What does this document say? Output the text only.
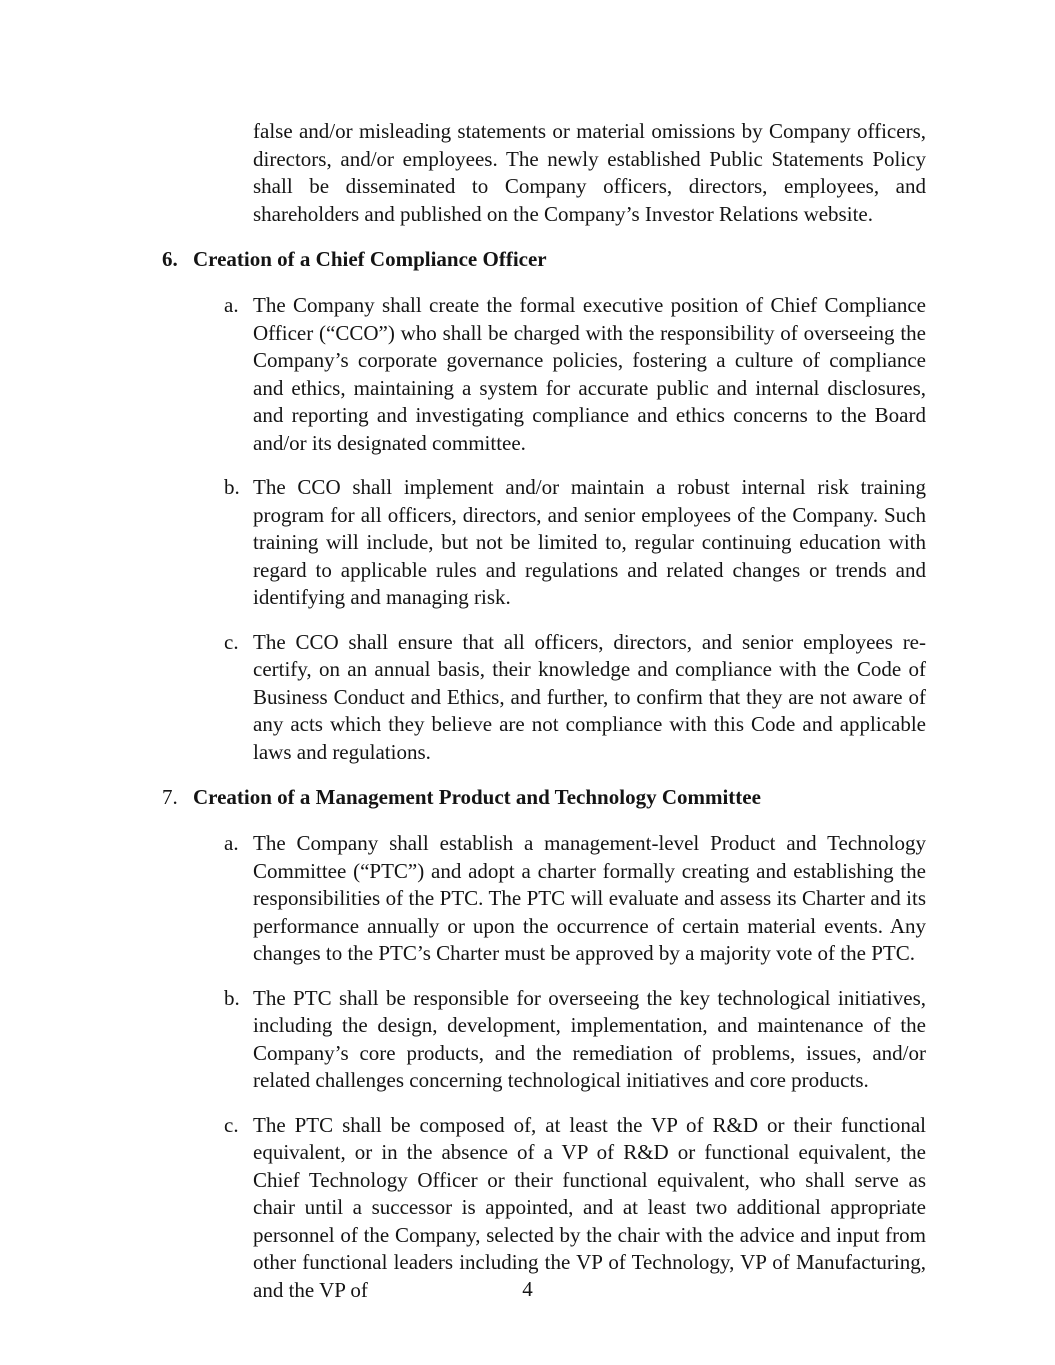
false and/or misleading statements or material omissions by Company officers, directors, and/or employees. The newly established Public Statements Policy shall be disseminated to Company officers, directors, employees, and shareholders and published on the Company’s Investor Relations website.

6. Creation of a Chief Compliance Officer
a. The Company shall create the formal executive position of Chief Compliance Officer (“CCO”) who shall be charged with the responsibility of overseeing the Company’s corporate governance policies, fostering a culture of compliance and ethics, maintaining a system for accurate public and internal disclosures, and reporting and investigating compliance and ethics concerns to the Board and/or its designated committee.
b. The CCO shall implement and/or maintain a robust internal risk training program for all officers, directors, and senior employees of the Company. Such training will include, but not be limited to, regular continuing education with regard to applicable rules and regulations and related changes or trends and identifying and managing risk.
c. The CCO shall ensure that all officers, directors, and senior employees re-certify, on an annual basis, their knowledge and compliance with the Code of Business Conduct and Ethics, and further, to confirm that they are not aware of any acts which they believe are not compliance with this Code and applicable laws and regulations.
7. Creation of a Management Product and Technology Committee
a. The Company shall establish a management-level Product and Technology Committee (“PTC”) and adopt a charter formally creating and establishing the responsibilities of the PTC. The PTC will evaluate and assess its Charter and its performance annually or upon the occurrence of certain material events. Any changes to the PTC’s Charter must be approved by a majority vote of the PTC.
b. The PTC shall be responsible for overseeing the key technological initiatives, including the design, development, implementation, and maintenance of the Company’s core products, and the remediation of problems, issues, and/or related challenges concerning technological initiatives and core products.
c. The PTC shall be composed of, at least the VP of R&D or their functional equivalent, or in the absence of a VP of R&D or functional equivalent, the Chief Technology Officer or their functional equivalent, who shall serve as chair until a successor is appointed, and at least two additional appropriate personnel of the Company, selected by the chair with the advice and input from other functional leaders including the VP of Technology, VP of Manufacturing, and the VP of	4
